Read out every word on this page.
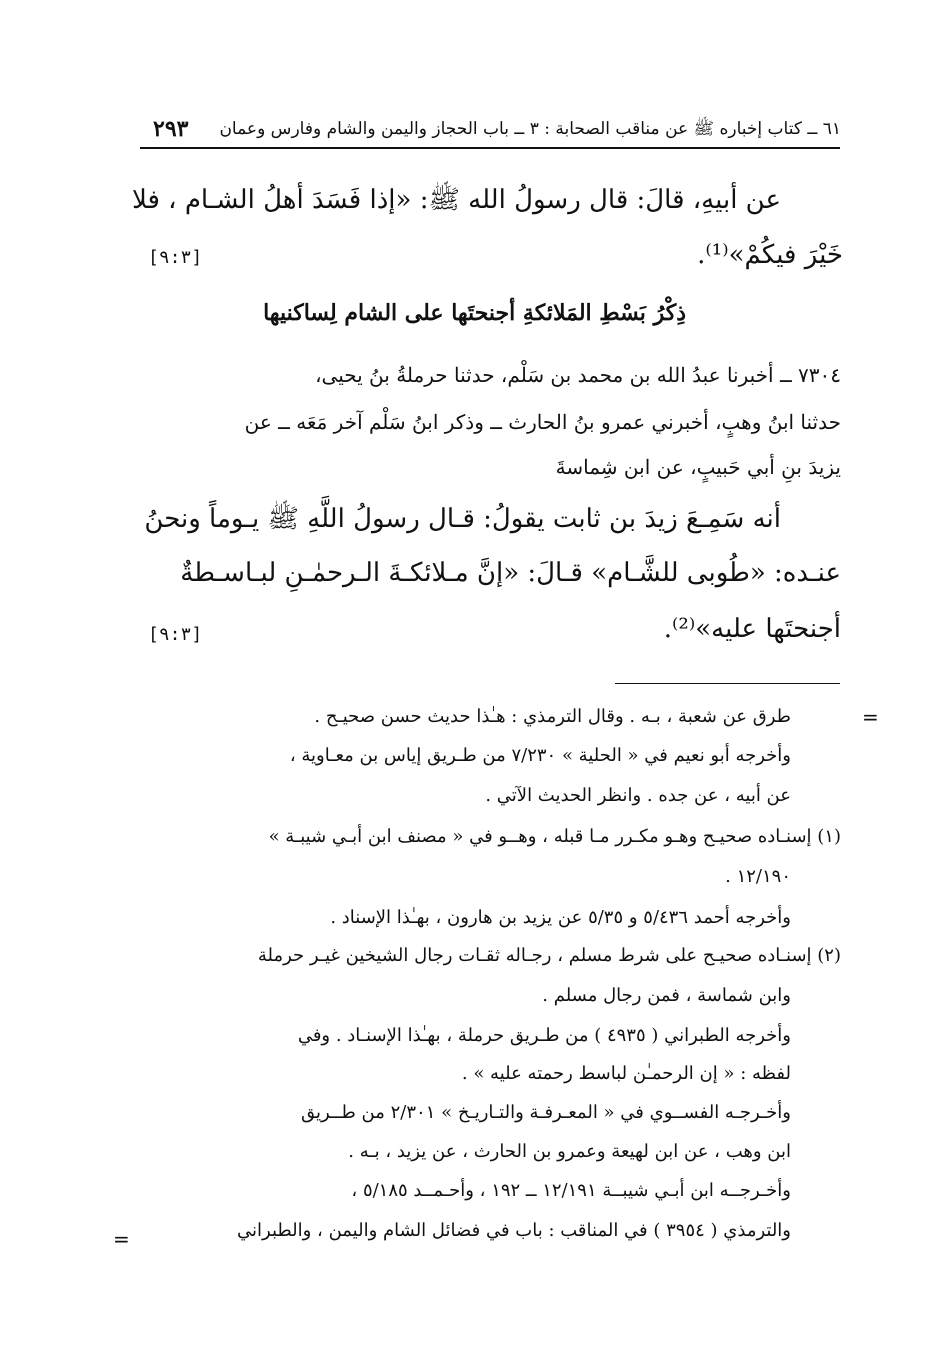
٦١ ــ كتاب إخباره ﷺ عن مناقب الصحابة : ٣ ــ باب الحجاز واليمن والشام وفارس وعمان
٢٩٣
عن أبيهِ، قالَ: قال رسولُ الله ﷺ: «إذا فَسَدَ أهلُ الشـام ، فلا
خَيْرَ فيكُمْ»⁽¹⁾.
[٩:٣]
ذِكْرُ بَسْطِ المَلائكةِ أجنحتَها على الشام لِساكنيها
٧٣٠٤ ــ أخبرنا عبدُ الله بن محمد بن سَلْم، حدثنا حرملةُ بنُ يحيى،
حدثنا ابنُ وهبٍ، أخبرني عمرو بنُ الحارث ــ وذكر ابنُ سَلْم آخر مَعَه ــ عن
يزيدَ بنِ أبي حَبيبٍ، عن ابن شِماسةَ
أنه سَمِـعَ زيدَ بن ثابت يقولُ: قـال رسولُ اللَّهِ ﷺ يـوماً ونحنُ
عنـده: «طُوبى للشَّـام» قـالَ: «إنَّ مـلائكـةَ الـرحمٰـنِ لبـاسـطةٌ
أجنحتَها عليه»⁽²⁾.
[٩:٣]
=
طرق عن شعبة ، بـه . وقال الترمذي : هـٰذا حديث حسن صحيـح .
وأخرجه أبو نعيم في « الحلية » ٧/٢٣٠ من طـريق إياس بن معـاوية ،
عن أبيه ، عن جده . وانظر الحديث الآتي .
(١) إسنـاده صحيـح وهـو مكـرر مـا قبله ، وهــو في « مصنف ابن أبـي شيبـة »
١٢/١٩٠ .
وأخرجه أحمد ٥/٤٣٦ و ٥/٣٥ عن يزيد بن هارون ، بهـٰذا الإسناد .
(٢) إسنـاده صحيـح على شرط مسلم ، رجـاله ثقـات رجال الشيخين غيـر حرملة
وابن شماسة ، فمن رجال مسلم .
وأخرجه الطبراني ( ٤٩٣٥ ) من طـريق حرملة ، بهـٰذا الإسنـاد . وفي
لفظه : « إن الرحمـٰن لباسط رحمته عليه » .
وأخـرجـه الفســوي في « المعـرفـة والتـاريـخ » ٢/٣٠١ من طــريق
ابن وهب ، عن ابن لهيعة وعمرو بن الحارث ، عن يزيد ، بـه .
وأخـرجــه ابن أبـي شيبــة ١٢/١٩١ ــ ١٩٢ ، وأحـمــد ٥/١٨٥ ،
والترمذي ( ٣٩٥٤ ) في المناقب : باب في فضائل الشام واليمن ، والطبراني
=
